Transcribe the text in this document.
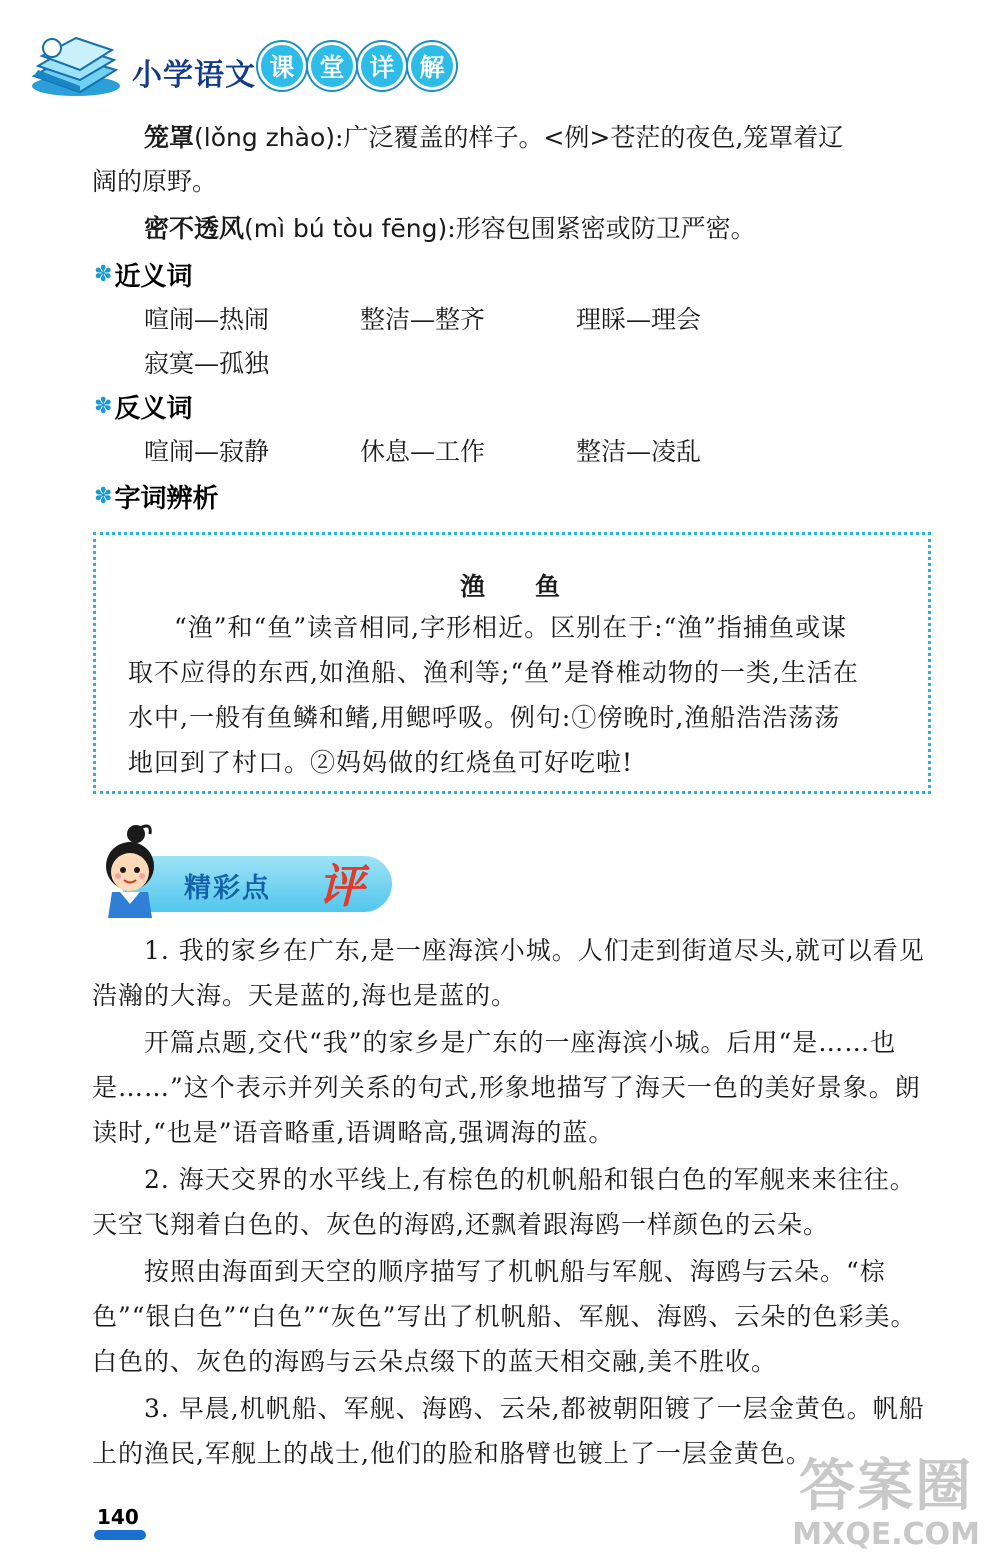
小学语文 课 堂 详 解
笼罩(lǒng zhào):广泛覆盖的样子。<例>苍茫的夜色,笼罩着辽
阔的原野。
密不透风(mì bú tòu fēng):形容包围紧密或防卫严密。
✽ 近义词
喧闹—热闹	整洁—整齐	理睬—理会
寂寞—孤独
✽ 反义词
喧闹—寂静	休息—工作	整洁—凌乱
✽ 字词辨析
渔 鱼

“渔”和“鱼”读音相同,字形相近。区别在于:“渔”指捕鱼或谋

取不应得的东西,如渔船、渔利等;“鱼”是脊椎动物的一类,生活在

水中,一般有鱼鳞和鳍,用鳃呼吸。例句:①傍晚时,渔船浩浩荡荡

地回到了村口。②妈妈做的红烧鱼可好吃啦!

精彩点 评

1. 我的家乡在广东,是一座海滨小城。人们走到街道尽头,就可以看见浩瀚的大海。天是蓝的,海也是蓝的。

开篇点题,交代“我”的家乡是广东的一座海滨小城。后用“是……也是……”这个表示并列关系的句式,形象地描写了海天一色的美好景象。朗读时,“也是”语音略重,语调略高,强调海的蓝。

2. 海天交界的水平线上,有棕色的机帆船和银白色的军舰来来往往。天空飞翔着白色的、灰色的海鸥,还飘着跟海鸥一样颜色的云朵。

按照由海面到天空的顺序描写了机帆船与军舰、海鸥与云朵。“棕色”“银白色”“白色”“灰色”写出了机帆船、军舰、海鸥、云朵的色彩美。白色的、灰色的海鸥与云朵点缀下的蓝天相交融,美不胜收。

3. 早晨,机帆船、军舰、海鸥、云朵,都被朝阳镀了一层金黄色。帆船上的渔民,军舰上的战士,他们的脸和胳臂也镀上了一层金黄色。

140	答案圈
MXQE.COM
